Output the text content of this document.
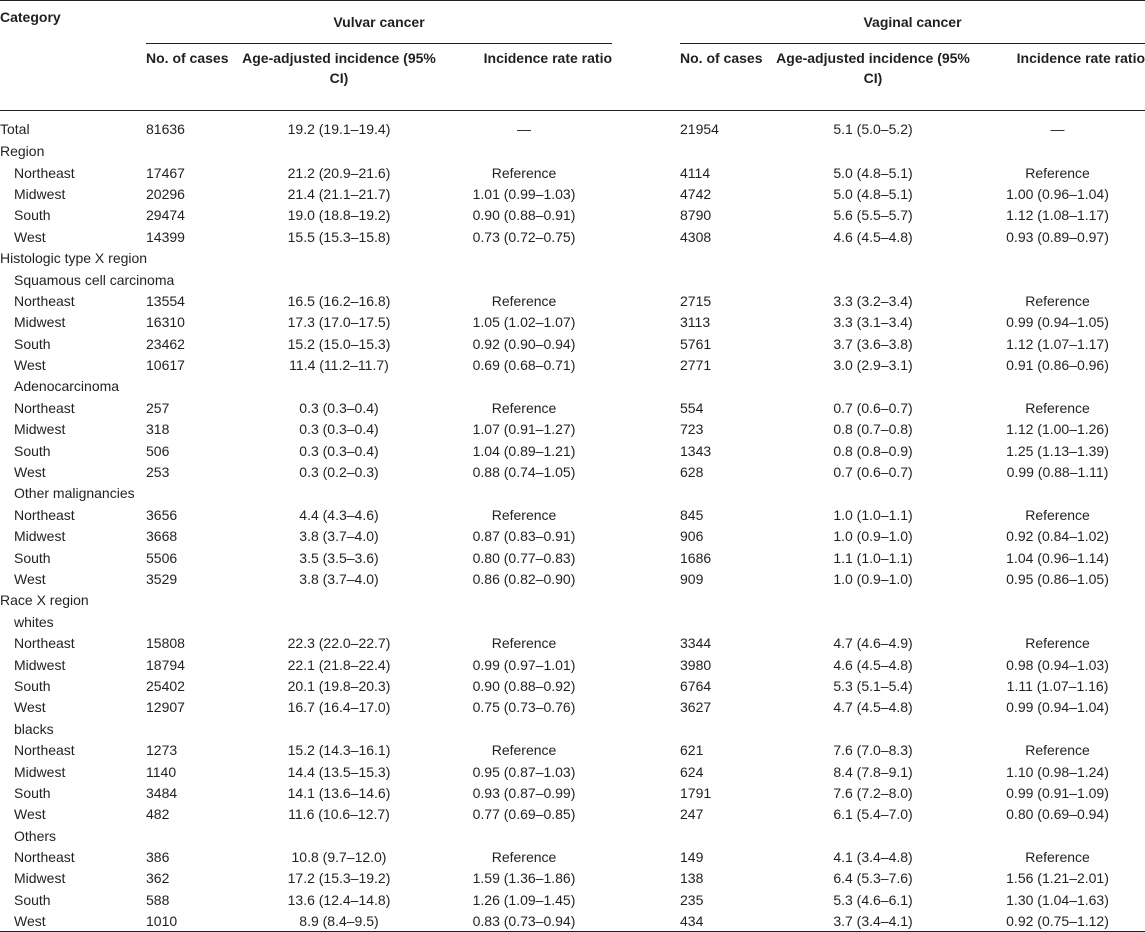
Category	Vulvar cancer				Vaginal cancer		
	No. of cases	Age-adjusted incidence (95% CI)	Incidence rate ratio		No. of cases	Age-adjusted incidence (95% CI)	Incidence rate ratio
Total	81636	19.2 (19.1–19.4)	—		21954	5.1 (5.0–5.2)	—
Region							
Northeast	17467	21.2 (20.9–21.6)	Reference		4114	5.0 (4.8–5.1)	Reference
Midwest	20296	21.4 (21.1–21.7)	1.01 (0.99–1.03)		4742	5.0 (4.8–5.1)	1.00 (0.96–1.04)
South	29474	19.0 (18.8–19.2)	0.90 (0.88–0.91)		8790	5.6 (5.5–5.7)	1.12 (1.08–1.17)
West	14399	15.5 (15.3–15.8)	0.73 (0.72–0.75)		4308	4.6 (4.5–4.8)	0.93 (0.89–0.97)
Histologic type X region							
Squamous cell carcinoma							
Northeast	13554	16.5 (16.2–16.8)	Reference		2715	3.3 (3.2–3.4)	Reference
Midwest	16310	17.3 (17.0–17.5)	1.05 (1.02–1.07)		3113	3.3 (3.1–3.4)	0.99 (0.94–1.05)
South	23462	15.2 (15.0–15.3)	0.92 (0.90–0.94)		5761	3.7 (3.6–3.8)	1.12 (1.07–1.17)
West	10617	11.4 (11.2–11.7)	0.69 (0.68–0.71)		2771	3.0 (2.9–3.1)	0.91 (0.86–0.96)
Adenocarcinoma							
Northeast	257	0.3 (0.3–0.4)	Reference		554	0.7 (0.6–0.7)	Reference
Midwest	318	0.3 (0.3–0.4)	1.07 (0.91–1.27)		723	0.8 (0.7–0.8)	1.12 (1.00–1.26)
South	506	0.3 (0.3–0.4)	1.04 (0.89–1.21)		1343	0.8 (0.8–0.9)	1.25 (1.13–1.39)
West	253	0.3 (0.2–0.3)	0.88 (0.74–1.05)		628	0.7 (0.6–0.7)	0.99 (0.88–1.11)
Other malignancies							
Northeast	3656	4.4 (4.3–4.6)	Reference		845	1.0 (1.0–1.1)	Reference
Midwest	3668	3.8 (3.7–4.0)	0.87 (0.83–0.91)		906	1.0 (0.9–1.0)	0.92 (0.84–1.02)
South	5506	3.5 (3.5–3.6)	0.80 (0.77–0.83)		1686	1.1 (1.0–1.1)	1.04 (0.96–1.14)
West	3529	3.8 (3.7–4.0)	0.86 (0.82–0.90)		909	1.0 (0.9–1.0)	0.95 (0.86–1.05)
Race X region							
whites							
Northeast	15808	22.3 (22.0–22.7)	Reference		3344	4.7 (4.6–4.9)	Reference
Midwest	18794	22.1 (21.8–22.4)	0.99 (0.97–1.01)		3980	4.6 (4.5–4.8)	0.98 (0.94–1.03)
South	25402	20.1 (19.8–20.3)	0.90 (0.88–0.92)		6764	5.3 (5.1–5.4)	1.11 (1.07–1.16)
West	12907	16.7 (16.4–17.0)	0.75 (0.73–0.76)		3627	4.7 (4.5–4.8)	0.99 (0.94–1.04)
blacks							
Northeast	1273	15.2 (14.3–16.1)	Reference		621	7.6 (7.0–8.3)	Reference
Midwest	1140	14.4 (13.5–15.3)	0.95 (0.87–1.03)		624	8.4 (7.8–9.1)	1.10 (0.98–1.24)
South	3484	14.1 (13.6–14.6)	0.93 (0.87–0.99)		1791	7.6 (7.2–8.0)	0.99 (0.91–1.09)
West	482	11.6 (10.6–12.7)	0.77 (0.69–0.85)		247	6.1 (5.4–7.0)	0.80 (0.69–0.94)
Others							
Northeast	386	10.8 (9.7–12.0)	Reference		149	4.1 (3.4–4.8)	Reference
Midwest	362	17.2 (15.3–19.2)	1.59 (1.36–1.86)		138	6.4 (5.3–7.6)	1.56 (1.21–2.01)
South	588	13.6 (12.4–14.8)	1.26 (1.09–1.45)		235	5.3 (4.6–6.1)	1.30 (1.04–1.63)
West	1010	8.9 (8.4–9.5)	0.83 (0.73–0.94)		434	3.7 (3.4–4.1)	0.92 (0.75–1.12)
